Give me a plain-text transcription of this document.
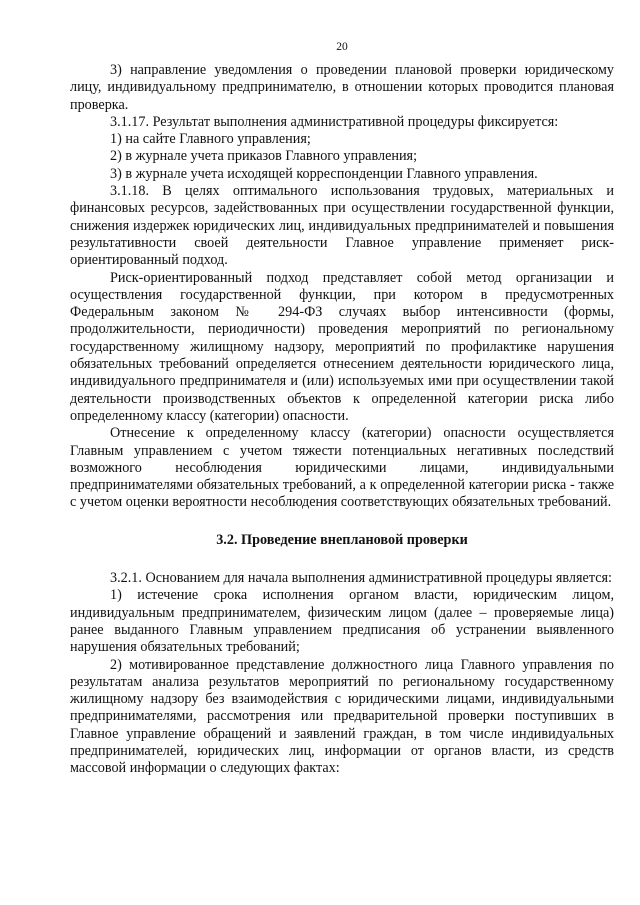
20

3) направление уведомления о проведении плановой проверки юридическому лицу, индивидуальному предпринимателю, в отношении которых проводится плановая проверка.

3.1.17. Результат выполнения административной процедуры фиксируется:

1) на сайте Главного управления;

2) в журнале учета приказов Главного управления;

3) в журнале учета исходящей корреспонденции Главного управления.

3.1.18. В целях оптимального использования трудовых, материальных и финансовых ресурсов, задействованных при осуществлении государственной функции, снижения издержек юридических лиц, индивидуальных предпринимателей и повышения результативности своей деятельности Главное управление применяет риск-ориентированный подход.

Риск-ориентированный подход представляет собой метод организации и осуществления государственной функции, при котором в предусмотренных Федеральным законом № 294-ФЗ случаях выбор интенсивности (формы, продолжительности, периодичности) проведения мероприятий по региональному государственному жилищному надзору, мероприятий по профилактике нарушения обязательных требований определяется отнесением деятельности юридического лица, индивидуального предпринимателя и (или) используемых ими при осуществлении такой деятельности производственных объектов к определенной категории риска либо определенному классу (категории) опасности.

Отнесение к определенному классу (категории) опасности осуществляется Главным управлением с учетом тяжести потенциальных негативных последствий возможного несоблюдения юридическими лицами, индивидуальными предпринимателями обязательных требований, а к определенной категории риска - также с учетом оценки вероятности несоблюдения соответствующих обязательных требований.

3.2. Проведение внеплановой проверки

3.2.1. Основанием для начала выполнения административной процедуры является:

1) истечение срока исполнения органом власти, юридическим лицом, индивидуальным предпринимателем, физическим лицом (далее – проверяемые лица) ранее выданного Главным управлением предписания об устранении выявленного нарушения обязательных требований;

2) мотивированное представление должностного лица Главного управления по результатам анализа результатов мероприятий по региональному государственному жилищному надзору без взаимодействия с юридическими лицами, индивидуальными предпринимателями, рассмотрения или предварительной проверки поступивших в Главное управление обращений и заявлений граждан, в том числе индивидуальных предпринимателей, юридических лиц, информации от органов власти, из средств массовой информации о следующих фактах:
